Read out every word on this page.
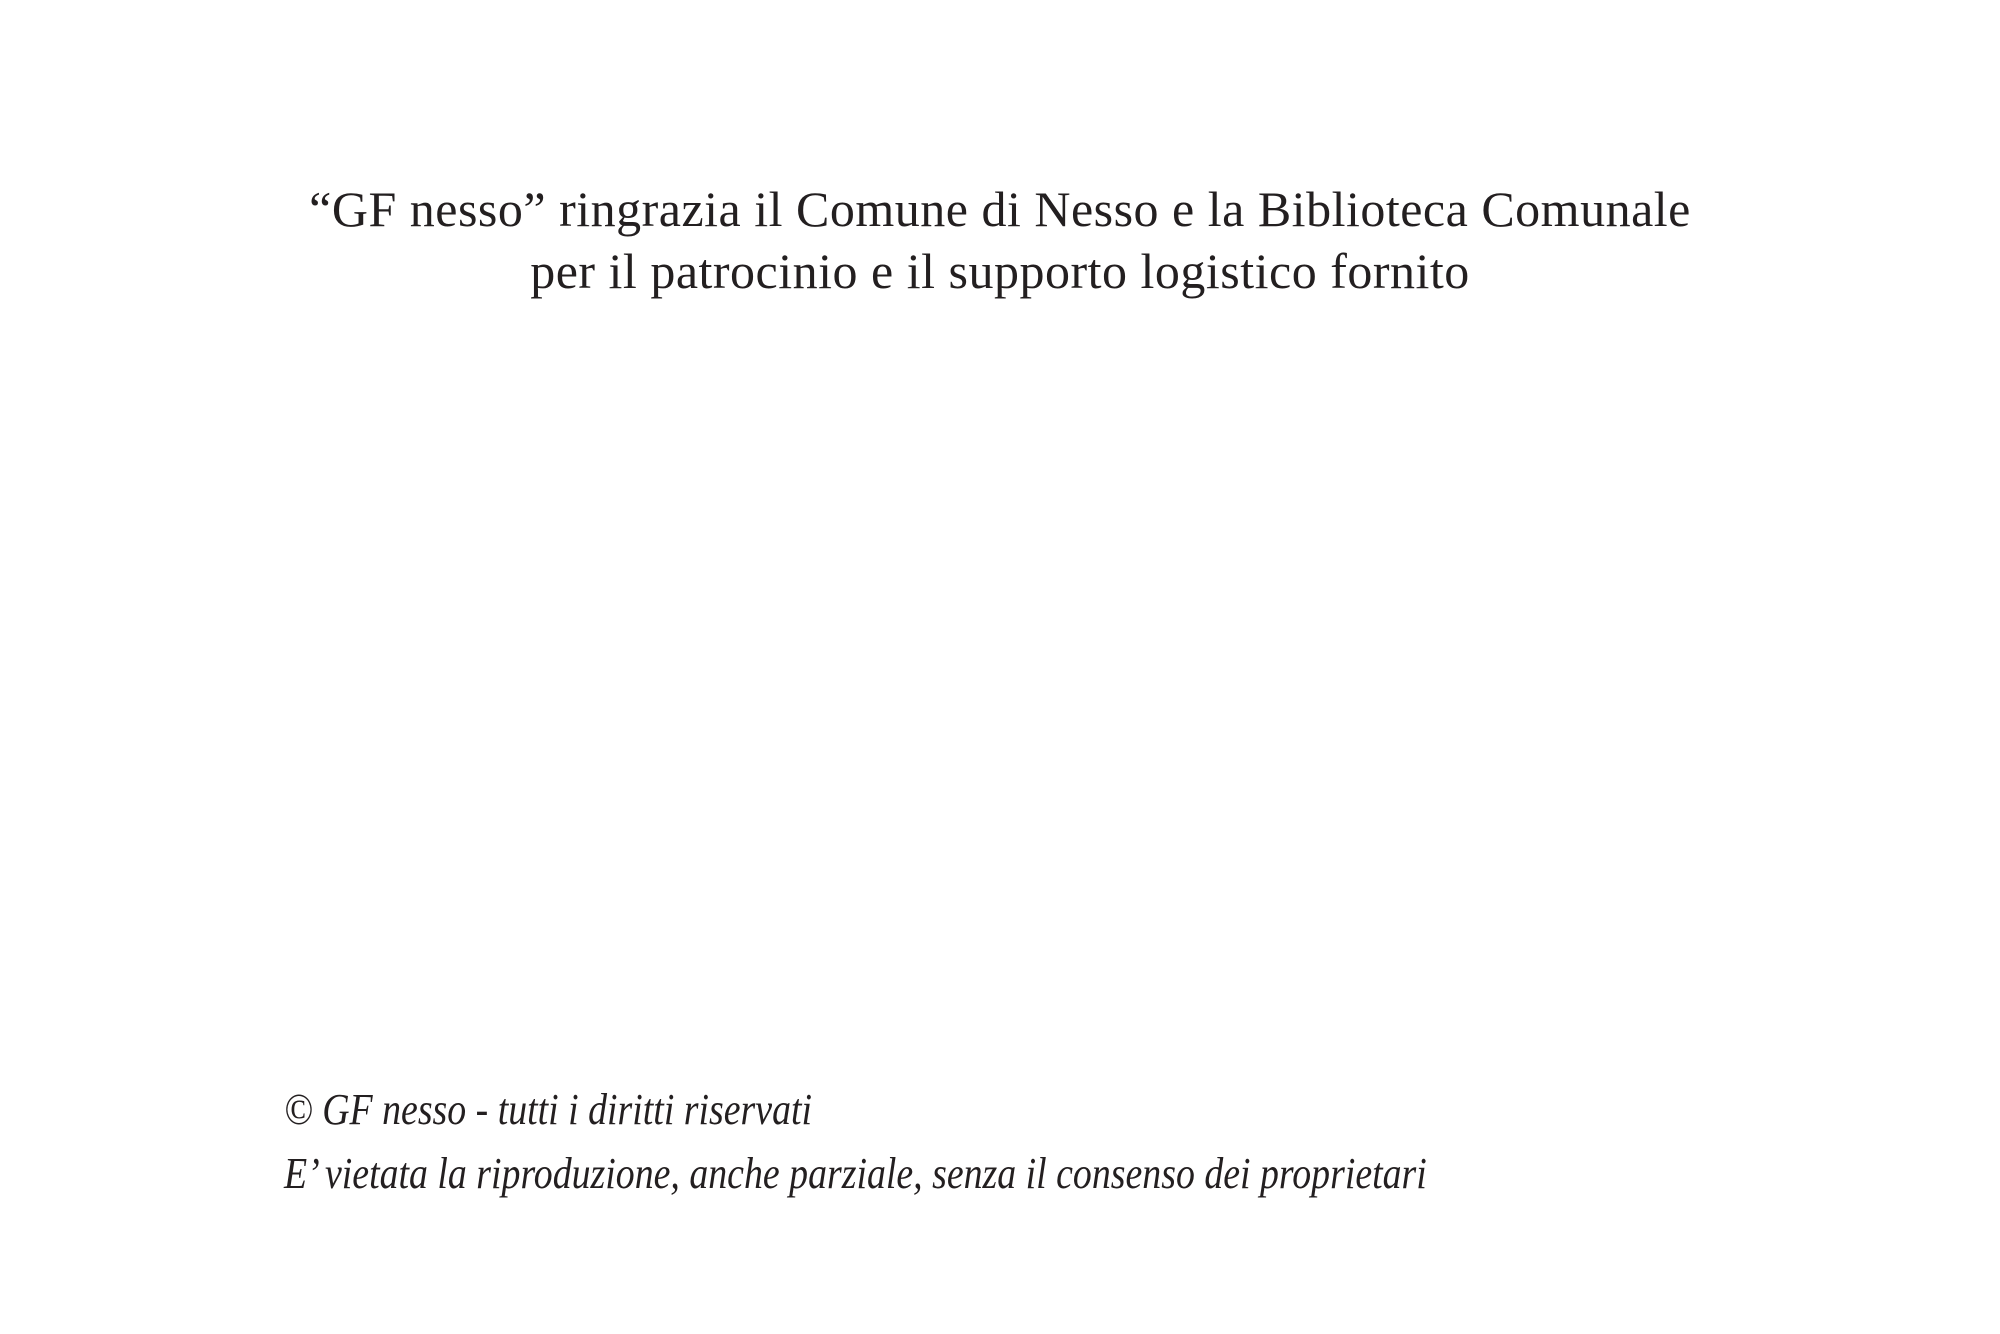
“GF nesso” ringrazia il Comune di Nesso e la Biblioteca Comunale
per il patrocinio e il supporto logistico fornito
© GF nesso - tutti i diritti riservati
E’ vietata la riproduzione, anche parziale, senza il consenso dei proprietari
